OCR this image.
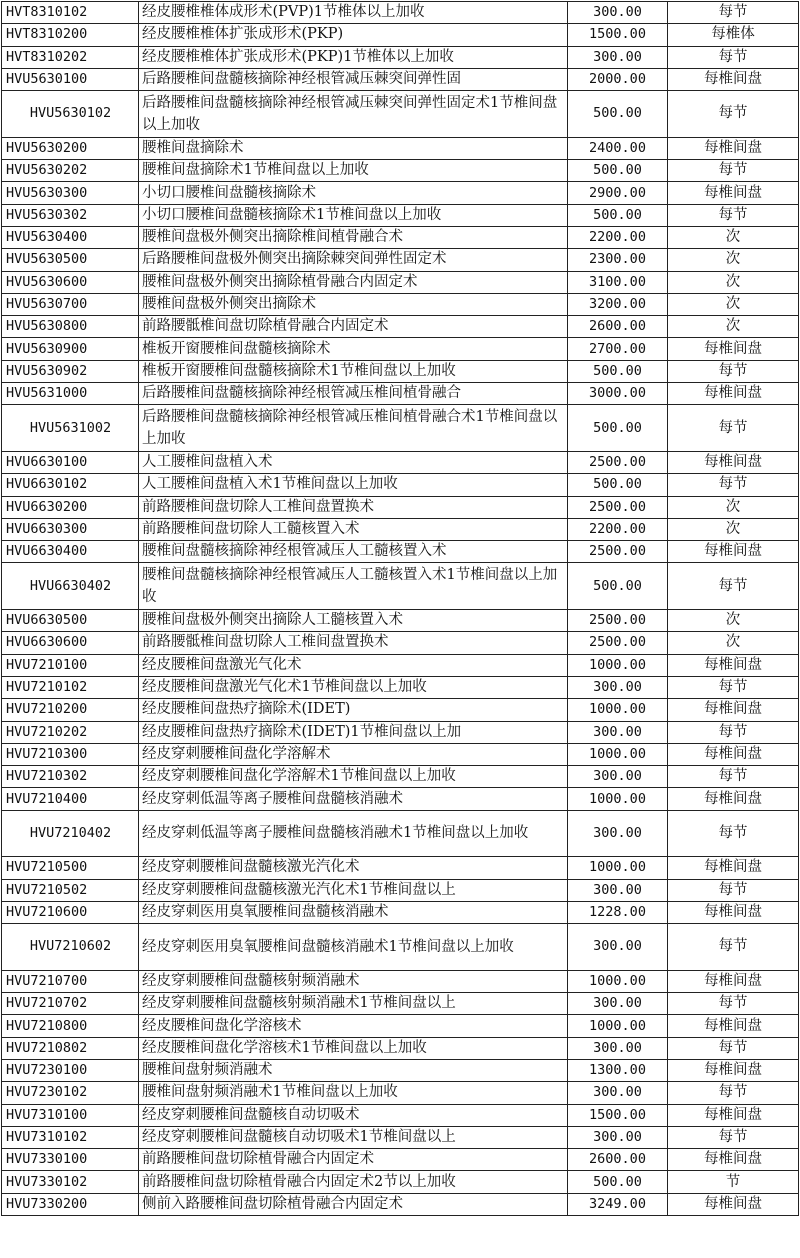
HVT8310102	经皮腰椎椎体成形术(PVP)1节椎体以上加收	300.00	每节
HVT8310200	经皮腰椎椎体扩张成形术(PKP)	1500.00	每椎体
HVT8310202	经皮腰椎椎体扩张成形术(PKP)1节椎体以上加收	300.00	每节
HVU5630100	后路腰椎间盘髓核摘除神经根管减压棘突间弹性固	2000.00	每椎间盘
HVU5630102	后路腰椎间盘髓核摘除神经根管减压棘突间弹性固定术1节椎间盘以上加收	500.00	每节
HVU5630200	腰椎间盘摘除术	2400.00	每椎间盘
HVU5630202	腰椎间盘摘除术1节椎间盘以上加收	500.00	每节
HVU5630300	小切口腰椎间盘髓核摘除术	2900.00	每椎间盘
HVU5630302	小切口腰椎间盘髓核摘除术1节椎间盘以上加收	500.00	每节
HVU5630400	腰椎间盘极外侧突出摘除椎间植骨融合术	2200.00	次
HVU5630500	后路腰椎间盘极外侧突出摘除棘突间弹性固定术	2300.00	次
HVU5630600	腰椎间盘极外侧突出摘除植骨融合内固定术	3100.00	次
HVU5630700	腰椎间盘极外侧突出摘除术	3200.00	次
HVU5630800	前路腰骶椎间盘切除植骨融合内固定术	2600.00	次
HVU5630900	椎板开窗腰椎间盘髓核摘除术	2700.00	每椎间盘
HVU5630902	椎板开窗腰椎间盘髓核摘除术1节椎间盘以上加收	500.00	每节
HVU5631000	后路腰椎间盘髓核摘除神经根管减压椎间植骨融合	3000.00	每椎间盘
HVU5631002	后路腰椎间盘髓核摘除神经根管减压椎间植骨融合术1节椎间盘以上加收	500.00	每节
HVU6630100	人工腰椎间盘植入术	2500.00	每椎间盘
HVU6630102	人工腰椎间盘植入术1节椎间盘以上加收	500.00	每节
HVU6630200	前路腰椎间盘切除人工椎间盘置换术	2500.00	次
HVU6630300	前路腰椎间盘切除人工髓核置入术	2200.00	次
HVU6630400	腰椎间盘髓核摘除神经根管减压人工髓核置入术	2500.00	每椎间盘
HVU6630402	腰椎间盘髓核摘除神经根管减压人工髓核置入术1节椎间盘以上加收	500.00	每节
HVU6630500	腰椎间盘极外侧突出摘除人工髓核置入术	2500.00	次
HVU6630600	前路腰骶椎间盘切除人工椎间盘置换术	2500.00	次
HVU7210100	经皮腰椎间盘激光气化术	1000.00	每椎间盘
HVU7210102	经皮腰椎间盘激光气化术1节椎间盘以上加收	300.00	每节
HVU7210200	经皮腰椎间盘热疗摘除术(IDET)	1000.00	每椎间盘
HVU7210202	经皮腰椎间盘热疗摘除术(IDET)1节椎间盘以上加	300.00	每节
HVU7210300	经皮穿刺腰椎间盘化学溶解术	1000.00	每椎间盘
HVU7210302	经皮穿刺腰椎间盘化学溶解术1节椎间盘以上加收	300.00	每节
HVU7210400	经皮穿刺低温等离子腰椎间盘髓核消融术	1000.00	每椎间盘
HVU7210402	经皮穿刺低温等离子腰椎间盘髓核消融术1节椎间盘以上加收	300.00	每节
HVU7210500	经皮穿刺腰椎间盘髓核激光汽化术	1000.00	每椎间盘
HVU7210502	经皮穿刺腰椎间盘髓核激光汽化术1节椎间盘以上	300.00	每节
HVU7210600	经皮穿刺医用臭氧腰椎间盘髓核消融术	1228.00	每椎间盘
HVU7210602	经皮穿刺医用臭氧腰椎间盘髓核消融术1节椎间盘以上加收	300.00	每节
HVU7210700	经皮穿刺腰椎间盘髓核射频消融术	1000.00	每椎间盘
HVU7210702	经皮穿刺腰椎间盘髓核射频消融术1节椎间盘以上	300.00	每节
HVU7210800	经皮腰椎间盘化学溶核术	1000.00	每椎间盘
HVU7210802	经皮腰椎间盘化学溶核术1节椎间盘以上加收	300.00	每节
HVU7230100	腰椎间盘射频消融术	1300.00	每椎间盘
HVU7230102	腰椎间盘射频消融术1节椎间盘以上加收	300.00	每节
HVU7310100	经皮穿刺腰椎间盘髓核自动切吸术	1500.00	每椎间盘
HVU7310102	经皮穿刺腰椎间盘髓核自动切吸术1节椎间盘以上	300.00	每节
HVU7330100	前路腰椎间盘切除植骨融合内固定术	2600.00	每椎间盘
HVU7330102	前路腰椎间盘切除植骨融合内固定术2节以上加收	500.00	节
HVU7330200	侧前入路腰椎间盘切除植骨融合内固定术	3249.00	每椎间盘
